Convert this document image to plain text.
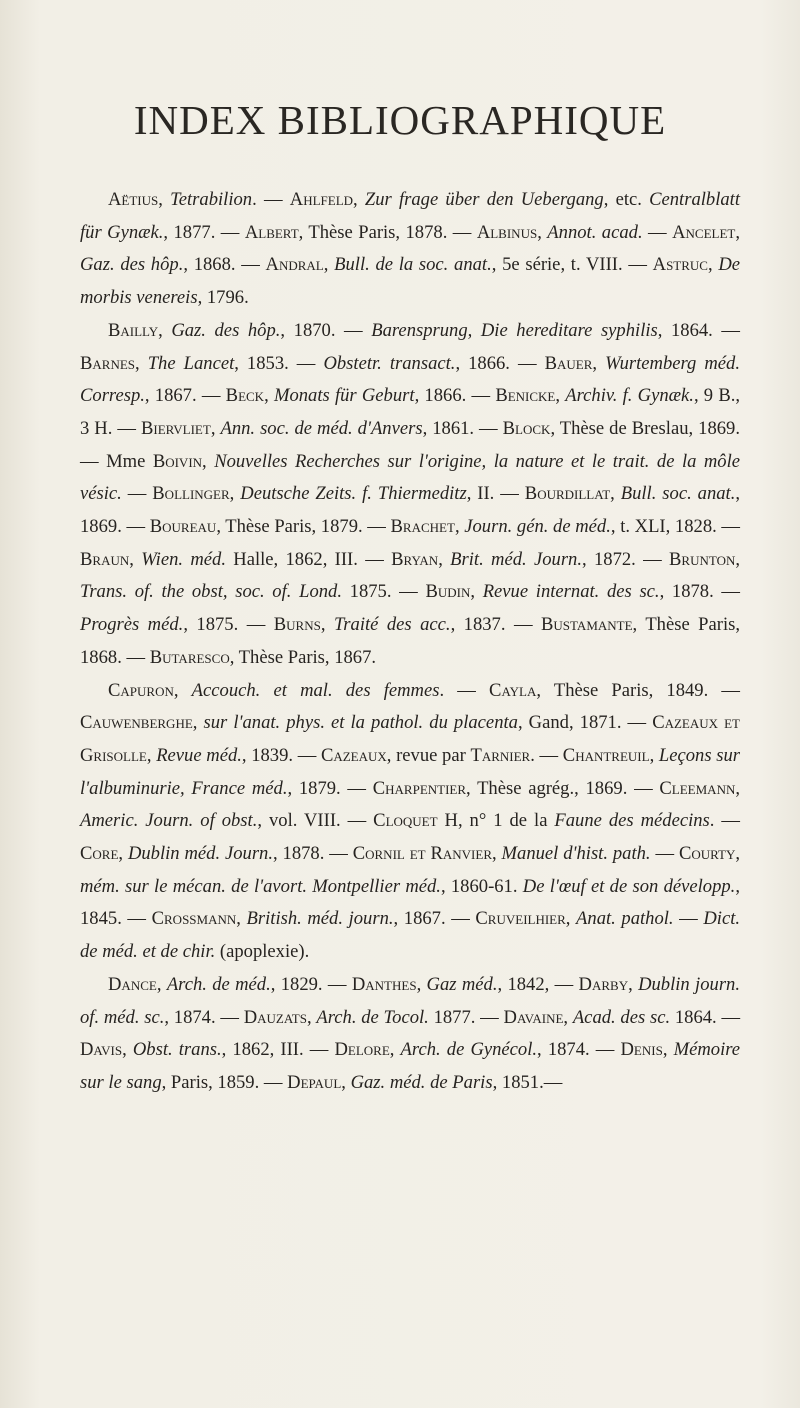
INDEX BIBLIOGRAPHIQUE

Aëtius, Tetrabilion. — Ahlfeld, Zur frage über den Uebergang, etc. Centralblatt für Gynæk., 1877. — Albert, Thèse Paris, 1878. — Albinus, Annot. acad. — Ancelet, Gaz. des hôp., 1868. — Andral, Bull. de la soc. anat., 5e série, t. VIII. — Astruc, De morbis venereis, 1796.

Bailly, Gaz. des hôp., 1870. — Barensprung, Die hereditare syphilis, 1864. — Barnes, The Lancet, 1853. — Obstetr. transact., 1866. — Bauer, Wurtemberg méd. Corresp., 1867. — Beck, Monats für Geburt, 1866. — Benicke, Archiv. f. Gynæk., 9 B., 3 H. — Biervliet, Ann. soc. de méd. d'Anvers, 1861. — Block, Thèse de Breslau, 1869. — Mme Boivin, Nouvelles Recherches sur l'origine, la nature et le trait. de la môle vésic. — Bollinger, Deutsche Zeits. f. Thiermeditz, II. — Bourdillat, Bull. soc. anat., 1869. — Boureau, Thèse Paris, 1879. — Brachet, Journ. gén. de méd., t. XLI, 1828. — Braun, Wien. méd. Halle, 1862, III. — Bryan, Brit. méd. Journ., 1872. — Brunton, Trans. of. the obst, soc. of. Lond. 1875. — Budin, Revue internat. des sc., 1878. — Progrès méd., 1875. — Burns, Traité des acc., 1837. — Bustamante, Thèse Paris, 1868. — Butaresco, Thèse Paris, 1867.

Capuron, Accouch. et mal. des femmes. — Cayla, Thèse Paris, 1849. — Cauwenberghe, sur l'anat. phys. et la pathol. du placenta, Gand, 1871. — Cazeaux et Grisolle, Revue méd., 1839. — Cazeaux, revue par Tarnier. — Chantreuil, Leçons sur l'albuminurie, France méd., 1879. — Charpentier, Thèse agrég., 1869. — Cleemann, Americ. Journ. of obst., vol. VIII. — Cloquet H, n° 1 de la Faune des médecins. — Core, Dublin méd. Journ., 1878. — Cornil et Ranvier, Manuel d'hist. path. — Courty, mém. sur le mécan. de l'avort. Montpellier méd., 1860-61. De l'œuf et de son développ., 1845. — Crossmann, British. méd. journ., 1867. — Cruveilhier, Anat. pathol. — Dict. de méd. et de chir. (apoplexie).

Dance, Arch. de méd., 1829. — Danthes, Gaz méd., 1842, — Darby, Dublin journ. of. méd. sc., 1874. — Dauzats, Arch. de Tocol. 1877. — Davaine, Acad. des sc. 1864. — Davis, Obst. trans., 1862, III. — Delore, Arch. de Gynécol., 1874. — Denis, Mémoire sur le sang, Paris, 1859. — Depaul, Gaz. méd. de Paris, 1851.—
